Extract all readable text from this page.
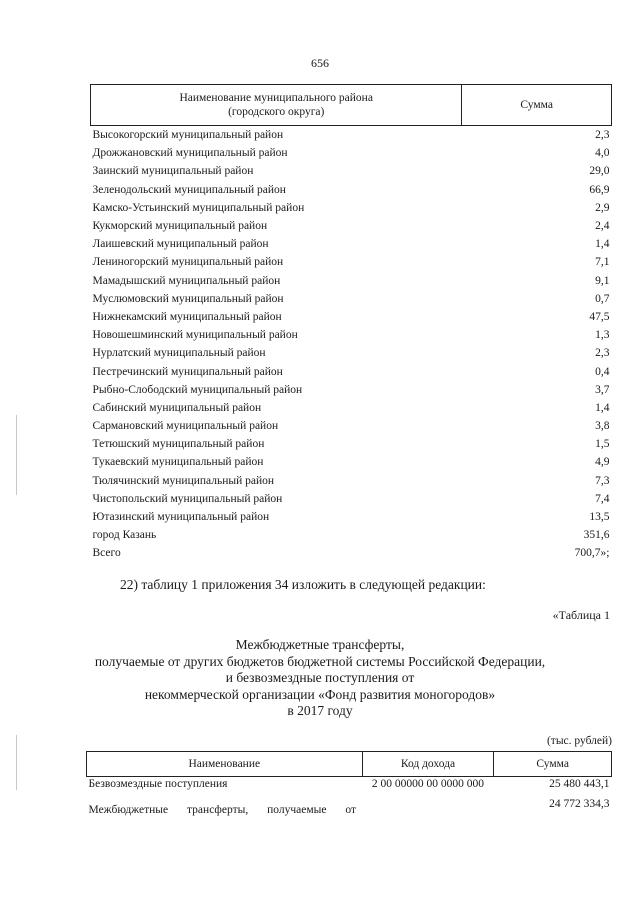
656
Наименование муниципального района
(городского округа)	Сумма
Высокогорский муниципальный район	2,3
Дрожжановский муниципальный район	4,0
Заинский муниципальный район	29,0
Зеленодольский муниципальный район	66,9
Камско-Устьинский муниципальный район	2,9
Кукморский муниципальный район	2,4
Лаишевский муниципальный район	1,4
Лениногорский муниципальный район	7,1
Мамадышский муниципальный район	9,1
Муслюмовский муниципальный район	0,7
Нижнекамский муниципальный район	47,5
Новошешминский муниципальный район	1,3
Нурлатский муниципальный район	2,3
Пестречинский муниципальный район	0,4
Рыбно-Слободский муниципальный район	3,7
Сабинский муниципальный район	1,4
Сармановский муниципальный район	3,8
Тетюшский муниципальный район	1,5
Тукаевский муниципальный район	4,9
Тюлячинский муниципальный район	7,3
Чистопольский муниципальный район	7,4
Ютазинский муниципальный район	13,5
город Казань	351,6
Всего	700,7»;
22) таблицу 1 приложения 34 изложить в следующей редакции:
«Таблица 1
Межбюджетные трансферты,
получаемые от других бюджетов бюджетной системы Российской Федерации,
и безвозмездные поступления от
некоммерческой организации «Фонд развития моногородов»
в 2017 году
(тыс. рублей)
Наименование	Код дохода	Сумма
Безвозмездные поступления	2 00 00000 00 0000 000	25 480 443,1

Межбюджетные трансферты, получаемые от		24 772 334,3
